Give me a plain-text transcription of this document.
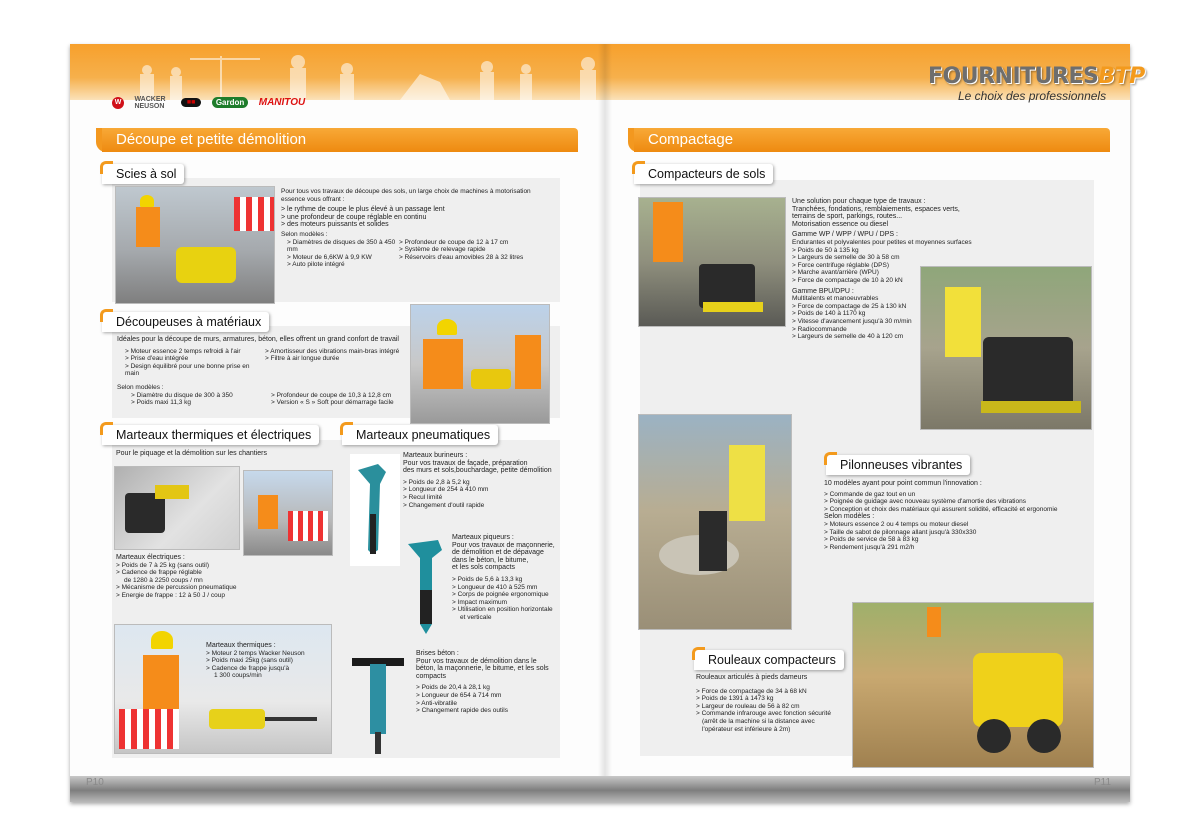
P10	P11
W WACKER NEUSON	■■	Gardon MANITOU
FOURNITURESBTP
Le choix des professionnels
Découpe et petite démolition
Scies à sol
Pour tous vos travaux de découpe des sols, un large choix de machines à motorisation essence vous offrant :
> le rythme de coupe le plus élevé à un passage lent
> une profondeur de coupe réglable en continu
> des moteurs puissants et solides
Selon modèles :
> Diamètres de disques de 350 à 450 mm
> Moteur de 6,6KW à 9,9 KW
> Auto pilote intégré
> Profondeur de coupe de 12 à 17 cm
> Système de relevage rapide
> Réservoirs d'eau amovibles 28 à 32 litres
Découpeuses à matériaux
Idéales pour la découpe de murs, armatures, béton, elles offrent un grand confort de travail
> Moteur essence 2 temps refroidi à l'air
> Prise d'eau intégrée
> Design équilibré pour une bonne prise en main
> Amortisseur des vibrations main-bras intégré
> Filtre à air longue durée
Selon modèles :
> Diamètre du disque de 300 à 350
> Poids maxi 11,3 kg
> Profondeur de coupe de 10,3 à 12,8 cm
> Version « S » Soft pour démarrage facile
Marteaux thermiques et électriques	Marteaux pneumatiques
Pour le piquage et la démolition sur les chantiers
Marteaux électriques :
> Poids de 7 à 25 kg (sans outil)
> Cadence de frappe réglable
de 1280 à 2250 coups / mn
> Mécanisme de percussion pneumatique
> Energie de frappe : 12 à 50 J / coup
Marteaux thermiques :
> Moteur 2 temps Wacker Neuson
> Poids maxi 25kg (sans outil)
> Cadence de frappe jusqu'à
1 300 coups/min
Marteaux burineurs :
Pour vos travaux de façade, préparation
des murs et sols,bouchardage, petite démolition
> Poids de 2,8 à 5,2 kg
> Longueur de 254 à 410 mm
> Recul limité
> Changement d'outil rapide
Marteaux piqueurs :
Pour vos travaux de maçonnerie,
de démolition et de dépavage
dans le béton, le bitume,
et les sols compacts
> Poids de 5,6 à 13,3 kg
> Longueur de 410 à 525 mm
> Corps de poignée ergonomique
> Impact maximum
> Utilisation en position horizontale
et verticale
Brises béton :
Pour vos travaux de démolition dans le
béton, la maçonnerie, le bitume, et les sols
compacts
> Poids de 20,4 à 28,1 kg
> Longueur de 654 à 714 mm
> Anti-vibratile
> Changement rapide des outils
Compactage
Compacteurs de sols
Une solution pour chaque type de travaux :
Tranchées, fondations, remblaiements, espaces verts,
terrains de sport, parkings, routes...
Motorisation essence ou diesel
Gamme WP / WPP / WPU / DPS :
Endurantes et polyvalentes pour petites et moyennes surfaces
> Poids de 50 à 135 kg
> Largeurs de semelle de 30 à 58 cm
> Force centrifuge réglable (DPS)
> Marche avant/arrière (WPU)
> Force de compactage de 10 à 20 kN
Gamme BPU/DPU :
Multitalents et manoeuvrables
> Force de compactage de 25 à 130 kN
> Poids de 140 à 1170 kg
> Vitesse d'avancement jusqu'à 30 m/min
> Radiocommande
> Largeurs de semelle de 40 à 120 cm
Pilonneuses vibrantes
10 modèles ayant pour point commun l'innovation :
> Commande de gaz tout en un
> Poignée de guidage avec nouveau système d'amortie des vibrations
> Conception et choix des matériaux qui assurent solidité, efficacité et ergonomie
Selon modèles :
> Moteurs essence 2 ou 4 temps ou moteur diesel
> Taille de sabot de pilonnage allant jusqu'à 330x330
> Poids de service de 58 à 83 kg
> Rendement jusqu'à 291 m2/h
Rouleaux compacteurs
Rouleaux articulés à pieds dameurs
> Force de compactage de 34 à 68 kN
> Poids de 1391 à 1473 kg
> Largeur de rouleau de 56 à 82 cm
> Commande infrarouge avec fonction sécurité
(arrêt de la machine si la distance avec
l'opérateur est inférieure à 2m)
